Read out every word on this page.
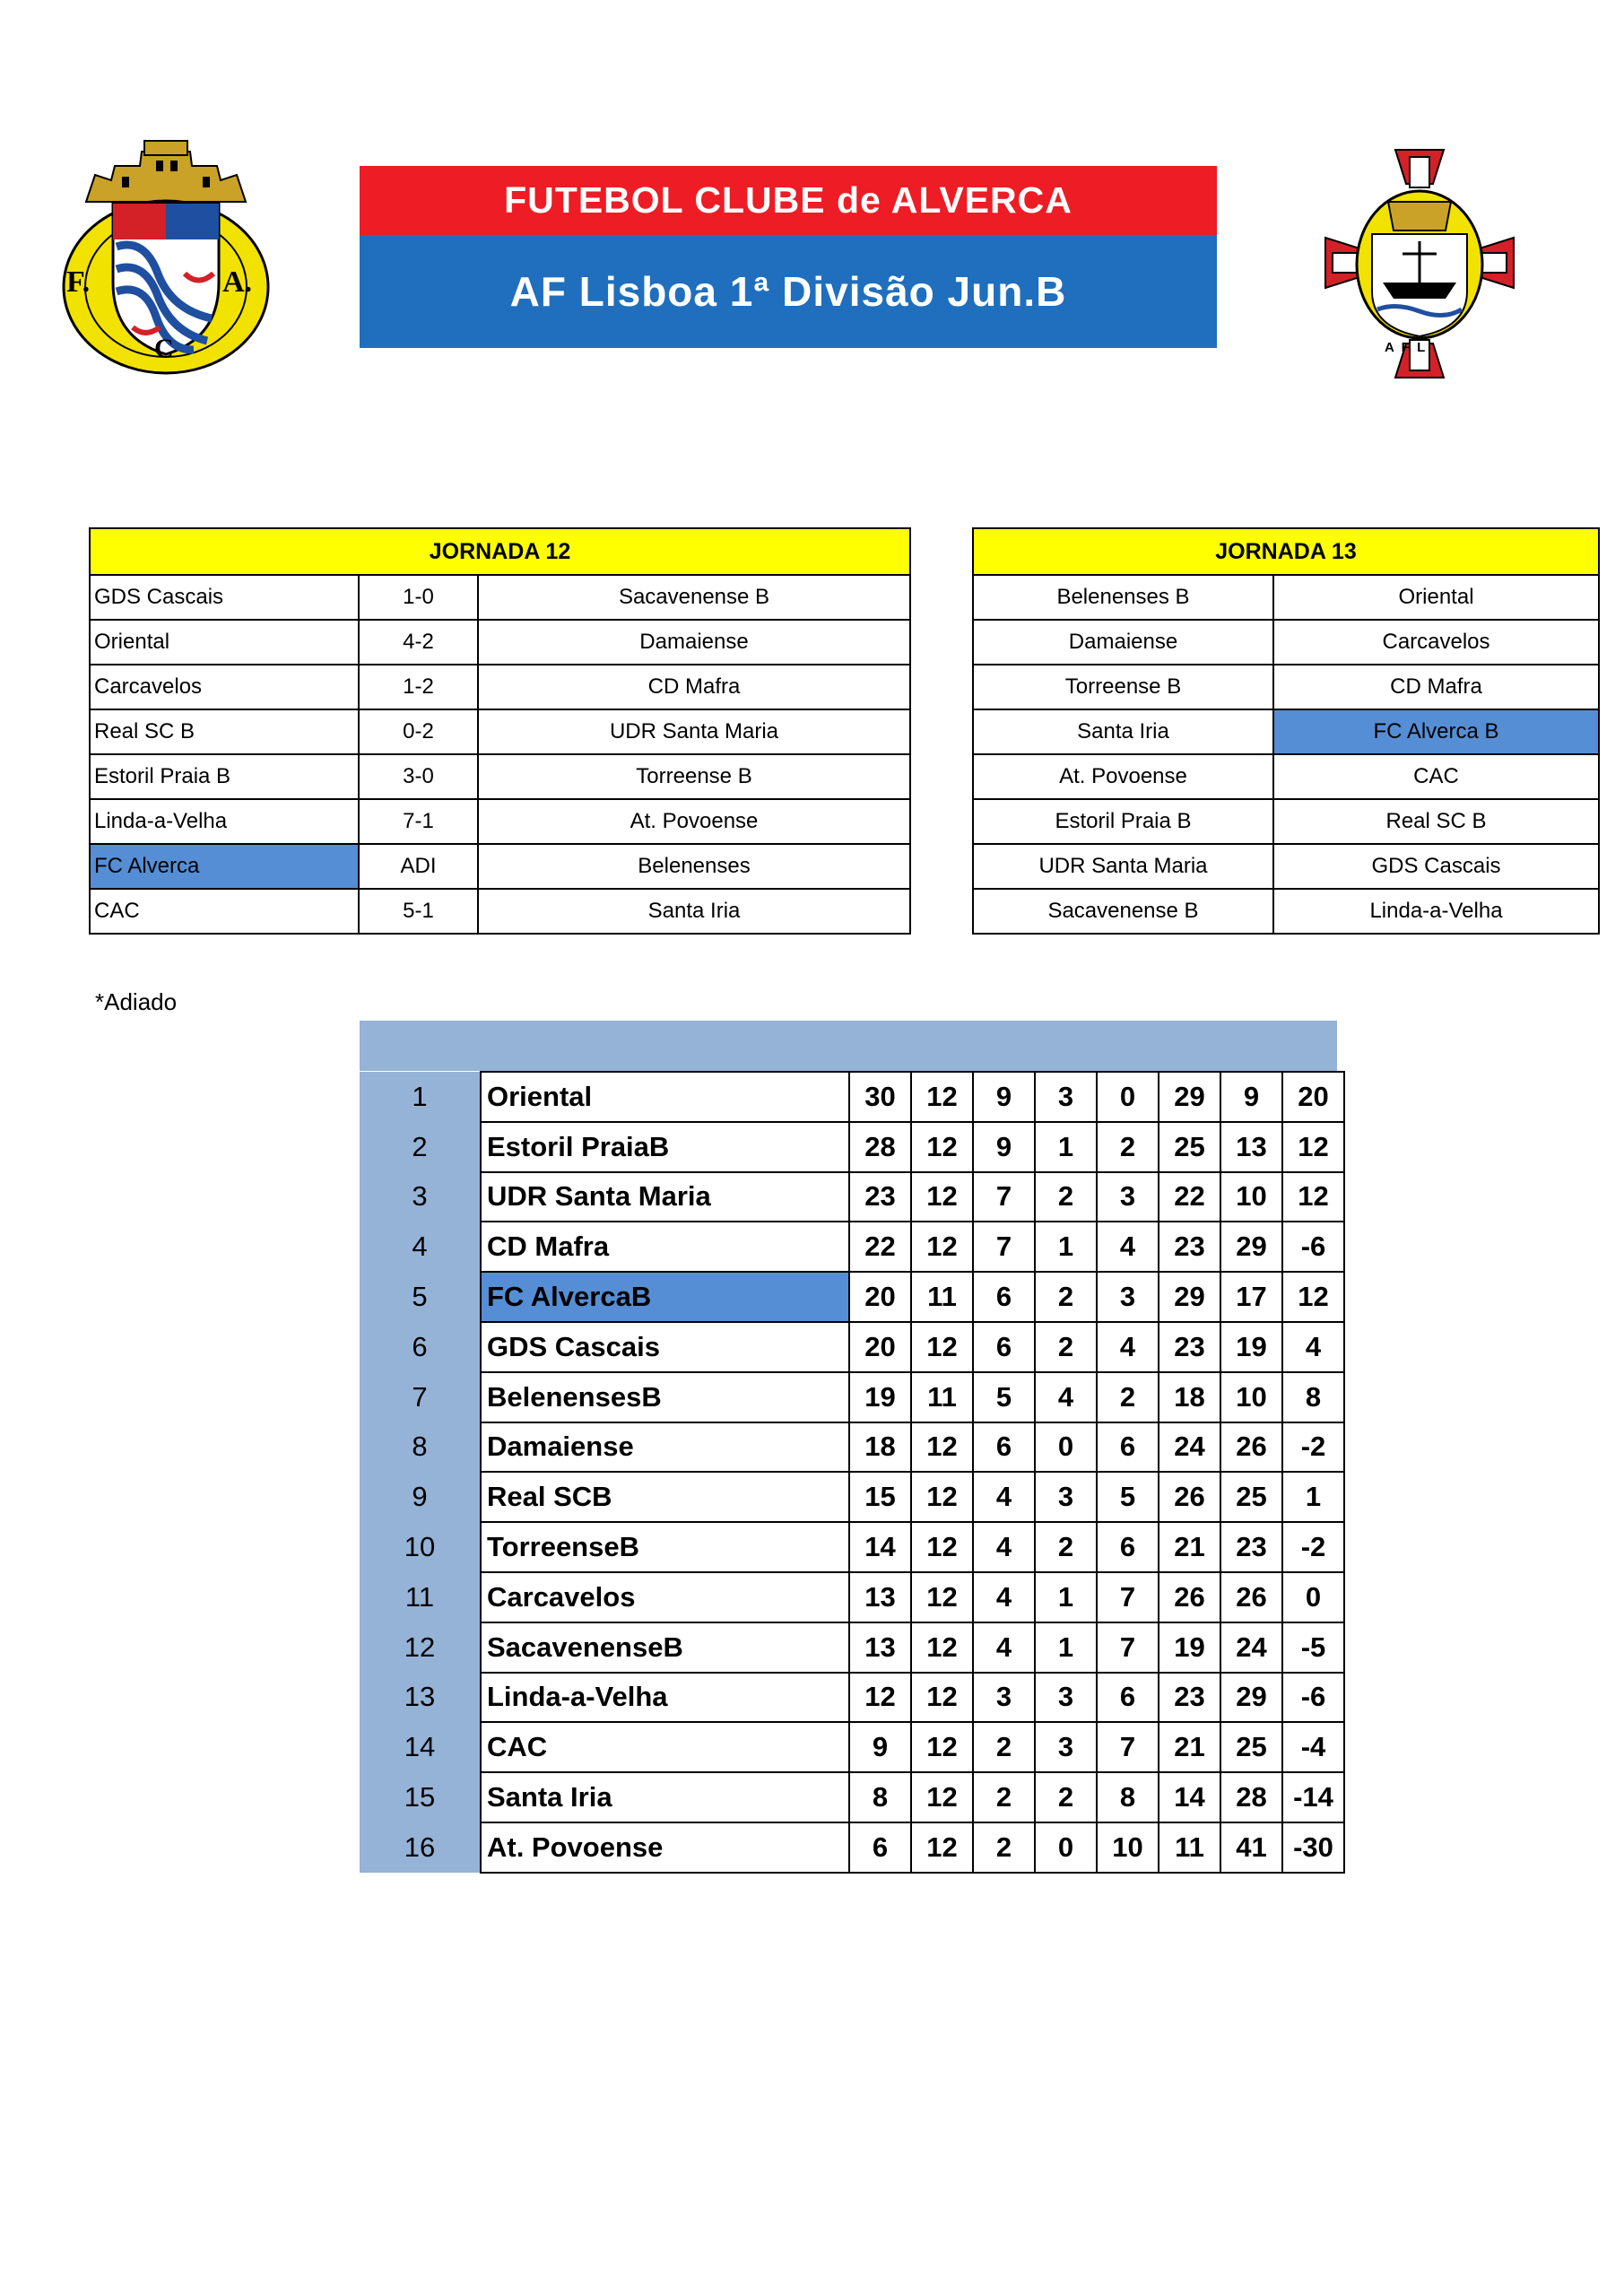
F.	A.
C	A  F  L
FUTEBOL CLUBE de ALVERCA
AF Lisboa 1ª Divisão Jun.B
JORNADA 12		
GDS Cascais	1-0	Sacavenense B
Oriental	4-2	Damaiense
Carcavelos	1-2	CD Mafra
Real SC B	0-2	UDR Santa Maria
Estoril Praia B	3-0	Torreense B
Linda-a-Velha	7-1	At. Povoense
FC Alverca	ADI	Belenenses
CAC	5-1	Santa Iria
JORNADA 13	
Belenenses B	Oriental
Damaiense	Carcavelos
Torreense B	CD Mafra
Santa Iria	FC Alverca B
At. Povoense	CAC
Estoril Praia B	Real SC B
UDR Santa Maria	GDS Cascais
Sacavenense B	Linda-a-Velha
*Adiado
1	Oriental	30	12	9	3	0	29	9	20
2	Estoril PraiaB	28	12	9	1	2	25	13	12
3	UDR Santa Maria	23	12	7	2	3	22	10	12
4	CD Mafra	22	12	7	1	4	23	29	-6
5	FC AlvercaB	20	11	6	2	3	29	17	12
6	GDS Cascais	20	12	6	2	4	23	19	4
7	BelenensesB	19	11	5	4	2	18	10	8
8	Damaiense	18	12	6	0	6	24	26	-2
9	Real SCB	15	12	4	3	5	26	25	1
10	TorreenseB	14	12	4	2	6	21	23	-2
11	Carcavelos	13	12	4	1	7	26	26	0
12	SacavenenseB	13	12	4	1	7	19	24	-5
13	Linda-a-Velha	12	12	3	3	6	23	29	-6
14	CAC	9	12	2	3	7	21	25	-4
15	Santa Iria	8	12	2	2	8	14	28	-14
16	At. Povoense	6	12	2	0	10	11	41	-30
